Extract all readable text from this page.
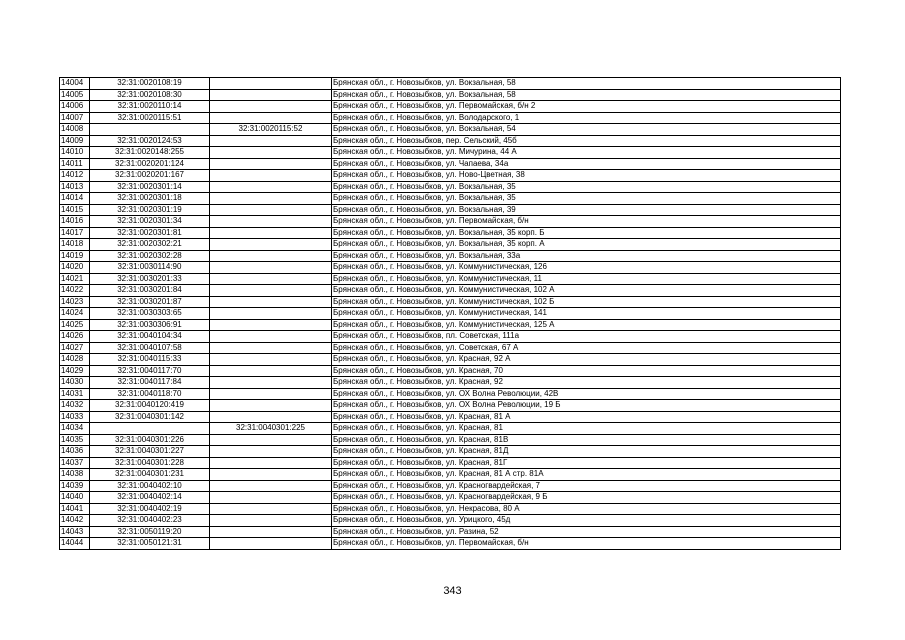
14004	32:31:0020108:19		Брянская обл., г. Новозыбков, ул. Вокзальная, 58
14005	32:31:0020108:30		Брянская обл., г. Новозыбков, ул. Вокзальная, 58
14006	32:31:0020110:14		Брянская обл., г. Новозыбков, ул. Первомайская, б/н 2
14007	32:31:0020115:51		Брянская обл., г. Новозыбков, ул. Володарского, 1
14008		32:31:0020115:52	Брянская обл., г. Новозыбков, ул. Вокзальная, 54
14009	32:31:0020124:53		Брянская обл., г. Новозыбков, пер. Сельский, 45б
14010	32:31:0020148:255		Брянская обл., г. Новозыбков, ул. Мичурина, 44 А
14011	32:31:0020201:124		Брянская обл., г. Новозыбков, ул. Чапаева, 34а
14012	32:31:0020201:167		Брянская обл., г. Новозыбков, ул. Ново-Цветная, 38
14013	32:31:0020301:14		Брянская обл., г. Новозыбков, ул. Вокзальная, 35
14014	32:31:0020301:18		Брянская обл., г. Новозыбков, ул. Вокзальная, 35
14015	32:31:0020301:19		Брянская обл., г. Новозыбков, ул. Вокзальная, 39
14016	32:31:0020301:34		Брянская обл., г. Новозыбков, ул. Первомайская, б/н
14017	32:31:0020301:81		Брянская обл., г. Новозыбков, ул. Вокзальная, 35 корп. Б
14018	32:31:0020302:21		Брянская обл., г. Новозыбков, ул. Вокзальная, 35 корп. А
14019	32:31:0020302:28		Брянская обл., г. Новозыбков, ул. Вокзальная, 33а
14020	32:31:0030114:90		Брянская обл., г. Новозыбков, ул. Коммунистическая, 126
14021	32:31:0030201:33		Брянская обл., г. Новозыбков, ул. Коммунистическая, 11
14022	32:31:0030201:84		Брянская обл., г. Новозыбков, ул. Коммунистическая, 102 А
14023	32:31:0030201:87		Брянская обл., г. Новозыбков, ул. Коммунистическая, 102 Б
14024	32:31:0030303:65		Брянская обл., г. Новозыбков, ул. Коммунистическая, 141
14025	32:31:0030306:91		Брянская обл., г. Новозыбков, ул. Коммунистическая, 125 А
14026	32:31:0040104:34		Брянская обл., г. Новозыбков, пл. Советская, 111а
14027	32:31:0040107:58		Брянская обл., г. Новозыбков, ул. Советская, 67 А
14028	32:31:0040115:33		Брянская обл., г. Новозыбков, ул. Красная, 92 А
14029	32:31:0040117:70		Брянская обл., г. Новозыбков, ул. Красная, 70
14030	32:31:0040117:84		Брянская обл., г. Новозыбков, ул. Красная, 92
14031	32:31:0040118:70		Брянская обл., г. Новозыбков, ул. ОХ Волна Революции, 42В
14032	32:31:0040120:419		Брянская обл., г. Новозыбков, ул. ОХ Волна Революции, 19 Б
14033	32:31:0040301:142		Брянская обл., г. Новозыбков, ул. Красная, 81 А
14034		32:31:0040301:225	Брянская обл., г. Новозыбков, ул. Красная, 81
14035	32:31:0040301:226		Брянская обл., г. Новозыбков, ул. Красная, 81В
14036	32:31:0040301:227		Брянская обл., г. Новозыбков, ул. Красная, 81Д
14037	32:31:0040301:228		Брянская обл., г. Новозыбков, ул. Красная, 81Г
14038	32:31:0040301:231		Брянская обл., г. Новозыбков, ул. Красная, 81 А стр. 81А
14039	32:31:0040402:10		Брянская обл., г. Новозыбков, ул. Красногвардейская, 7
14040	32:31:0040402:14		Брянская обл., г. Новозыбков, ул. Красногвардейская, 9 Б
14041	32:31:0040402:19		Брянская обл., г. Новозыбков, ул. Некрасова, 80 А
14042	32:31:0040402:23		Брянская обл., г. Новозыбков, ул. Урицкого, 45д
14043	32:31:0050119:20		Брянская обл., г. Новозыбков, ул. Разина, 52
14044	32:31:0050121:31		Брянская обл., г. Новозыбков, ул. Первомайская, б/н
343
